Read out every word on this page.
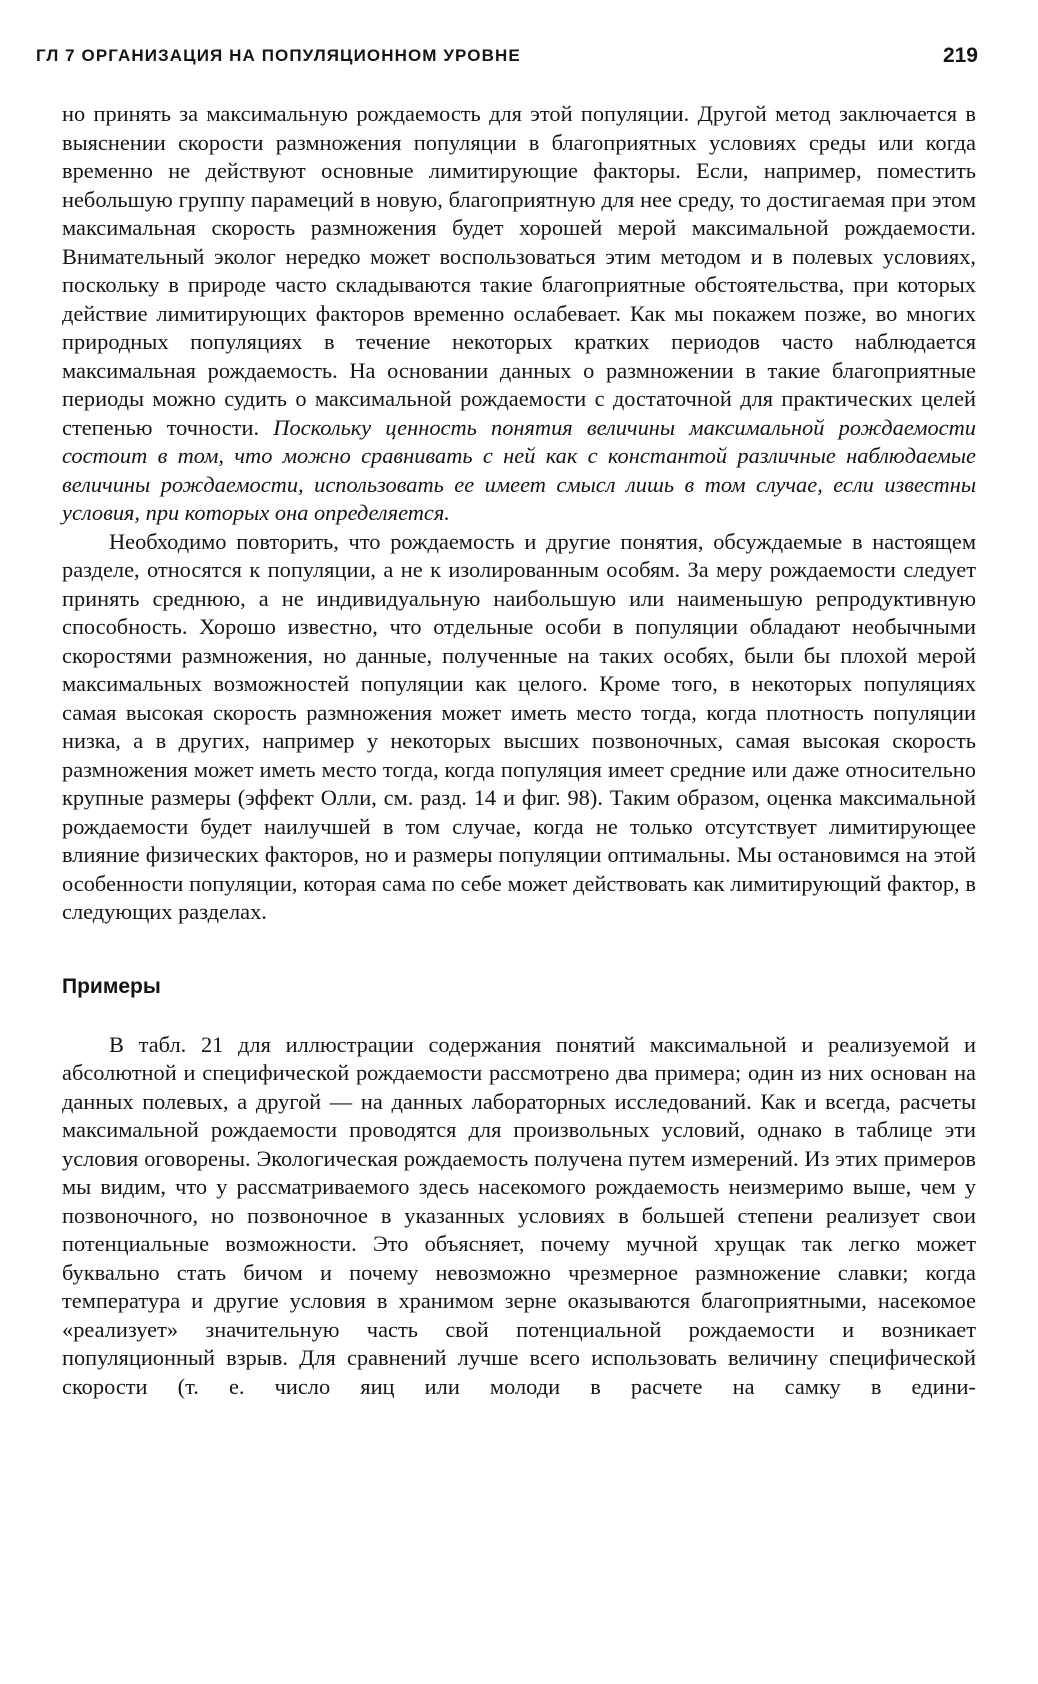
ГЛ 7 ОРГАНИЗАЦИЯ НА ПОПУЛЯЦИОННОМ УРОВНЕ	219

но принять за максимальную рождаемость для этой популяции. Другой метод заключается в выяснении скорости размножения популяции в благоприятных условиях среды или когда временно не действуют основные лимитирующие факторы. Если, например, поместить небольшую группу парамеций в новую, благоприятную для нее среду, то достигаемая при этом максимальная скорость размножения будет хорошей мерой максимальной рождаемости. Внимательный эколог нередко может воспользоваться этим методом и в полевых условиях, поскольку в природе часто складываются такие благоприятные обстоятельства, при которых действие лимитирующих факторов временно ослабевает. Как мы покажем позже, во многих природных популяциях в течение некоторых кратких периодов часто наблюдается максимальная рождаемость. На основании данных о размножении в такие благоприятные периоды можно судить о максимальной рождаемости с достаточной для практических целей степенью точности. Поскольку ценность понятия величины максимальной рождаемости состоит в том, что можно сравнивать с ней как с константой различные наблюдаемые величины рождаемости, использовать ее имеет смысл лишь в том случае, если известны условия, при которых она определяется.

Необходимо повторить, что рождаемость и другие понятия, обсуждаемые в настоящем разделе, относятся к популяции, а не к изолированным особям. За меру рождаемости следует принять среднюю, а не индивидуальную наибольшую или наименьшую репродуктивную способность. Хорошо известно, что отдельные особи в популяции обладают необычными скоростями размножения, но данные, полученные на таких особях, были бы плохой мерой максимальных возможностей популяции как целого. Кроме того, в некоторых популяциях самая высокая скорость размножения может иметь место тогда, когда плотность популяции низка, а в других, например у некоторых высших позвоночных, самая высокая скорость размножения может иметь место тогда, когда популяция имеет средние или даже относительно крупные размеры (эффект Олли, см. разд. 14 и фиг. 98). Таким образом, оценка максимальной рождаемости будет наилучшей в том случае, когда не только отсутствует лимитирующее влияние физических факторов, но и размеры популяции оптимальны. Мы остановимся на этой особенности популяции, которая сама по себе может действовать как лимитирующий фактор, в следующих разделах.

Примеры

В табл. 21 для иллюстрации содержания понятий максимальной и реализуемой и абсолютной и специфической рождаемости рассмотрено два примера; один из них основан на данных полевых, а другой — на данных лабораторных исследований. Как и всегда, расчеты максимальной рождаемости проводятся для произвольных условий, однако в таблице эти условия оговорены. Экологическая рождаемость получена путем измерений. Из этих примеров мы видим, что у рассматриваемого здесь насекомого рождаемость неизмеримо выше, чем у позвоночного, но позвоночное в указанных условиях в большей степени реализует свои потенциальные возможности. Это объясняет, почему мучной хрущак так легко может буквально стать бичом и почему невозможно чрезмерное размножение славки; когда температура и другие условия в хранимом зерне оказываются благоприятными, насекомое «реализует» значительную часть свой потенциальной рождаемости и возникает популяционный взрыв. Для сравнений лучше всего использовать величину специфической скорости (т. е. число яиц или молоди в расчете на самку в едини-
